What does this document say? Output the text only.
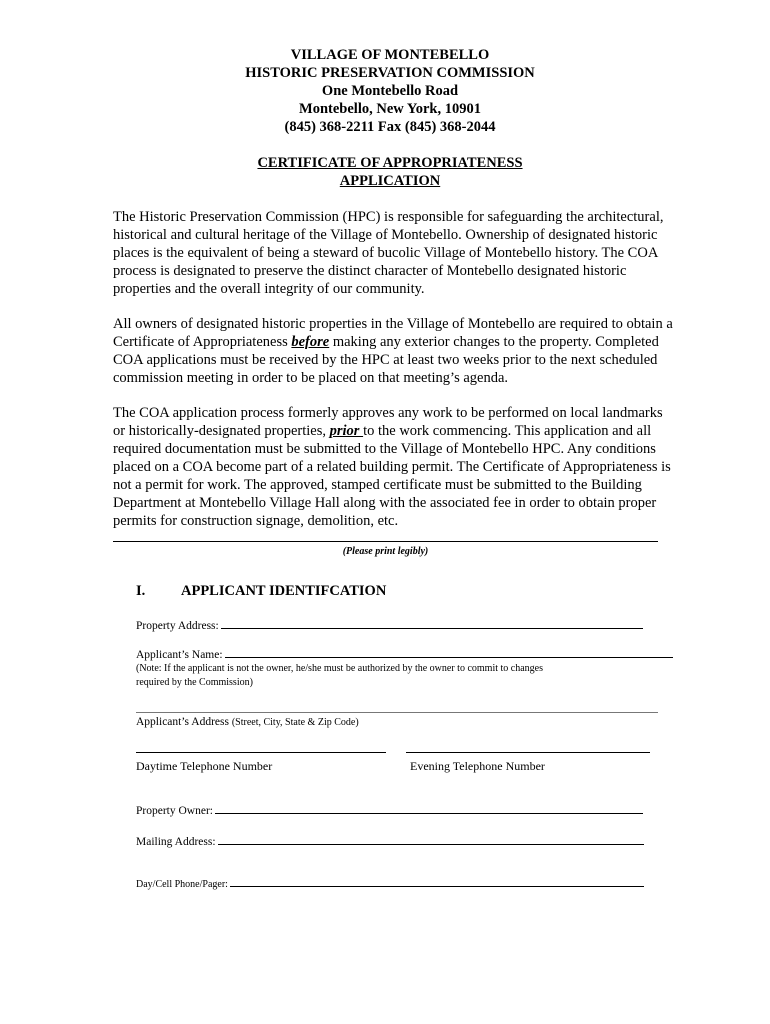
VILLAGE OF MONTEBELLO
HISTORIC PRESERVATION COMMISSION
One Montebello Road
Montebello, New York, 10901
(845) 368-2211 Fax (845) 368-2044
CERTIFICATE OF APPROPRIATENESS
APPLICATION
The Historic Preservation Commission (HPC) is responsible for safeguarding the architectural, historical and cultural heritage of the Village of Montebello. Ownership of designated historic places is the equivalent of being a steward of bucolic Village of Montebello history. The COA process is designated to preserve the distinct character of Montebello designated historic properties and the overall integrity of our community.
All owners of designated historic properties in the Village of Montebello are required to obtain a Certificate of Appropriateness before making any exterior changes to the property. Completed COA applications must be received by the HPC at least two weeks prior to the next scheduled commission meeting in order to be placed on that meeting’s agenda.
The COA application process formerly approves any work to be performed on local landmarks or historically-designated properties, prior to the work commencing. This application and all required documentation must be submitted to the Village of Montebello HPC. Any conditions placed on a COA become part of a related building permit. The Certificate of Appropriateness is not a permit for work. The approved, stamped certificate must be submitted to the Building Department at Montebello Village Hall along with the associated fee in order to obtain proper permits for construction signage, demolition, etc.
(Please print legibly)
I. APPLICANT IDENTIFCATION
Property Address:
Applicant’s Name:
(Note: If the applicant is not the owner, he/she must be authorized by the owner to commit to changes
required by the Commission)
Applicant’s Address (Street, City, State & Zip Code)
Daytime Telephone Number	Evening Telephone Number
Property Owner:
Mailing Address:
Day/Cell Phone/Pager:
